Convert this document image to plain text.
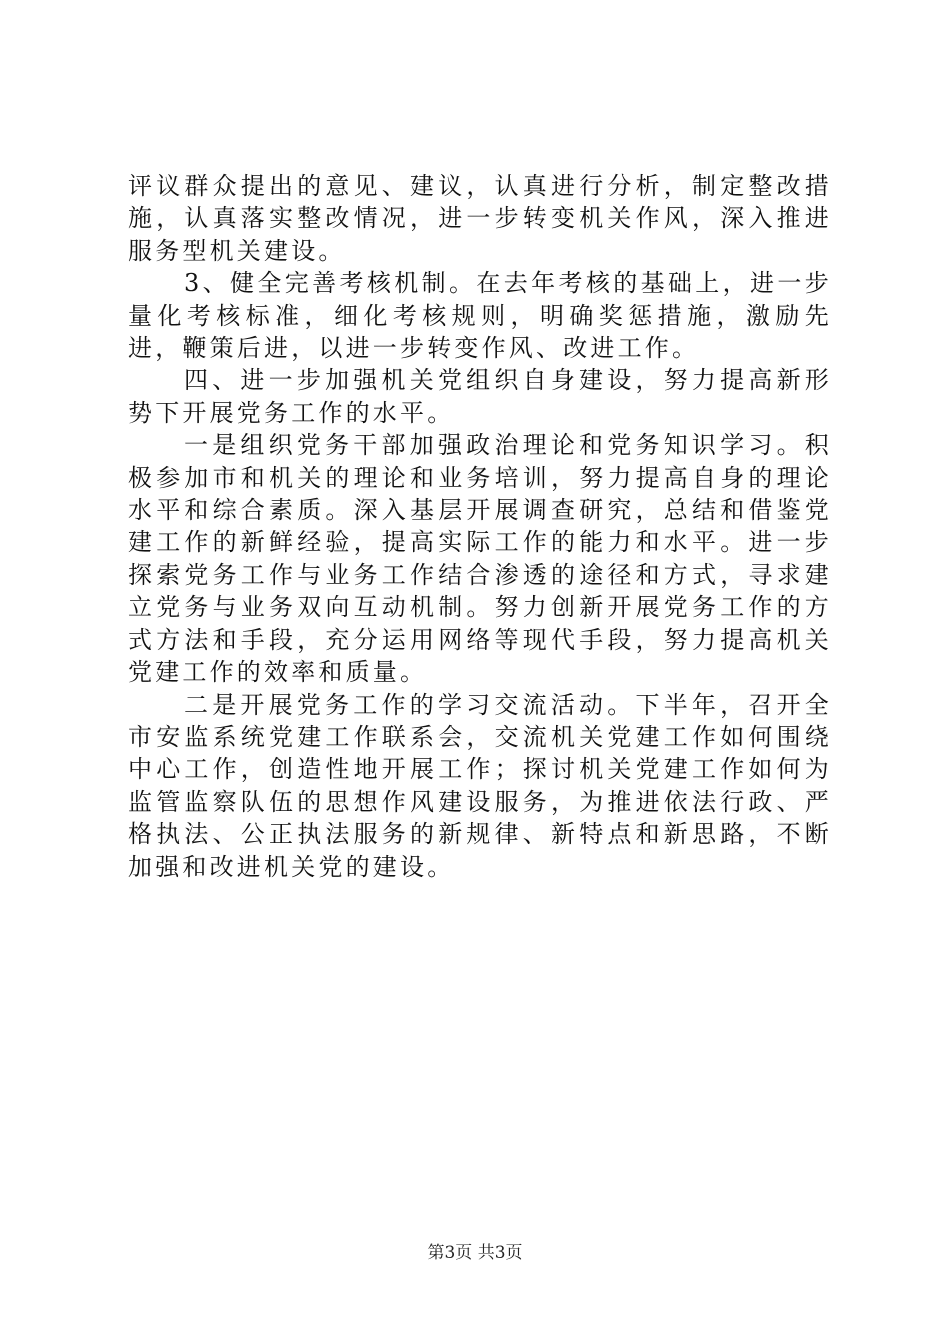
评议群众提出的意见、建议，认真进行分析，制定整改措施，认真落实整改情况，进一步转变机关作风，深入推进服务型机关建设。

3、健全完善考核机制。在去年考核的基础上，进一步量化考核标准，细化考核规则，明确奖惩措施，激励先进，鞭策后进，以进一步转变作风、改进工作。

四、进一步加强机关党组织自身建设，努力提高新形势下开展党务工作的水平。

一是组织党务干部加强政治理论和党务知识学习。积极参加市和机关的理论和业务培训，努力提高自身的理论水平和综合素质。深入基层开展调查研究，总结和借鉴党建工作的新鲜经验，提高实际工作的能力和水平。进一步探索党务工作与业务工作结合渗透的途径和方式，寻求建立党务与业务双向互动机制。努力创新开展党务工作的方式方法和手段，充分运用网络等现代手段，努力提高机关党建工作的效率和质量。

二是开展党务工作的学习交流活动。下半年，召开全市安监系统党建工作联系会，交流机关党建工作如何围绕中心工作，创造性地开展工作；探讨机关党建工作如何为监管监察队伍的思想作风建设服务，为推进依法行政、严格执法、公正执法服务的新规律、新特点和新思路，不断加强和改进机关党的建设。

第3页 共3页
